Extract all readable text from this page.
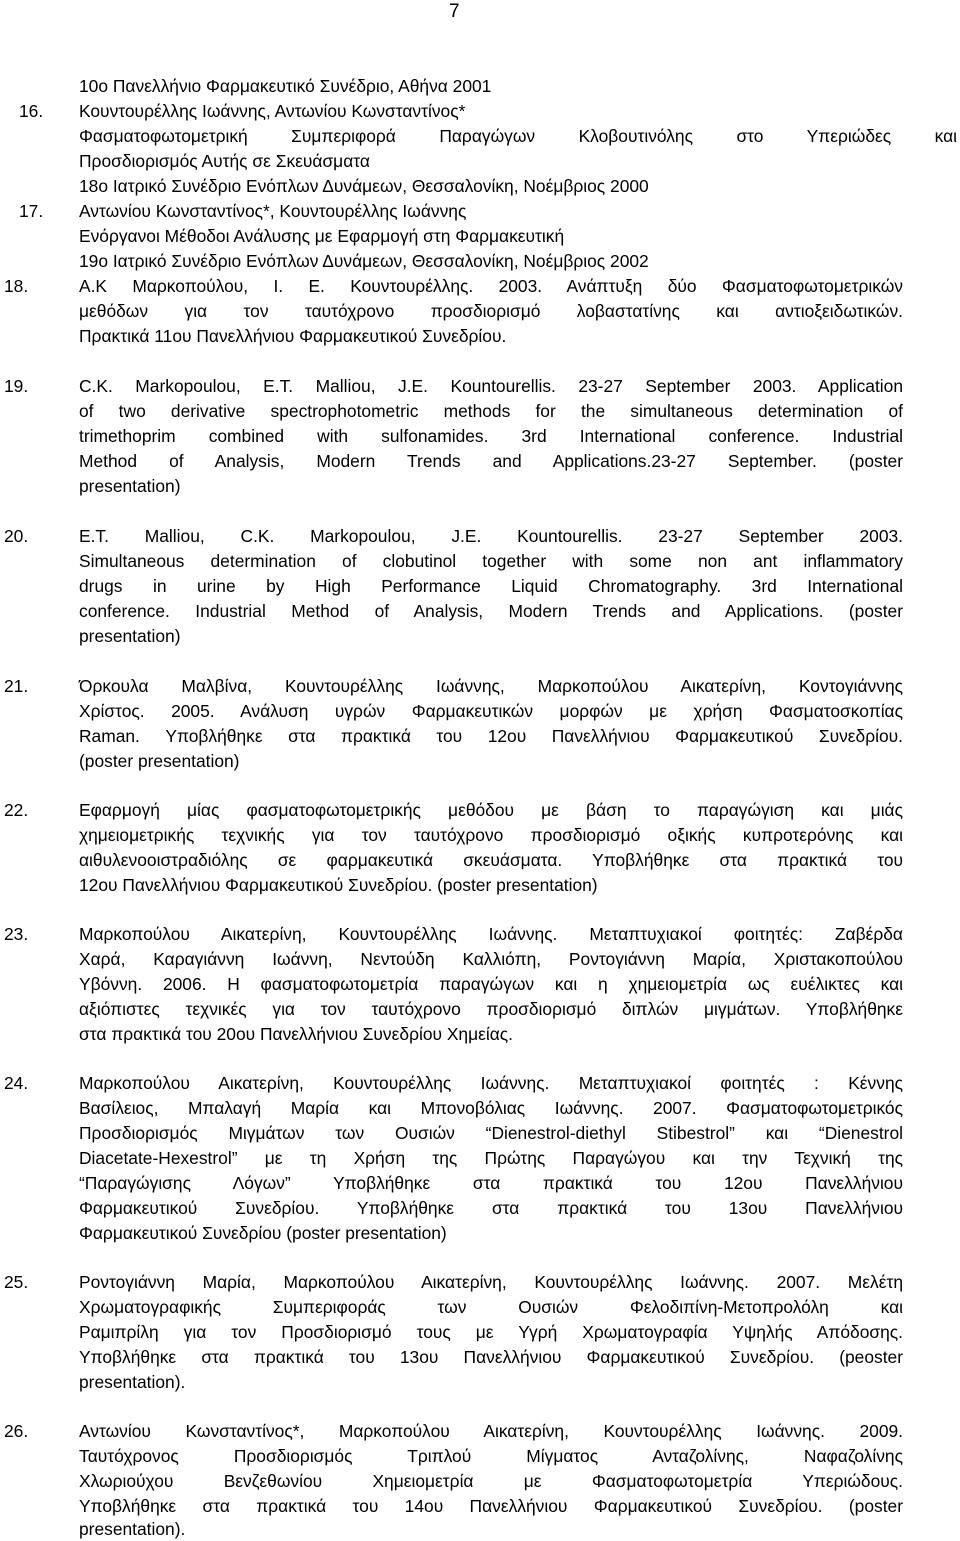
7
10ο Πανελλήνιο Φαρμακευτικό Συνέδριο, Αθήνα 2001
16. Κουντουρέλλης Ιωάννης, Αντωνίου Κωνσταντίνος*
Φασματοφωτομετρική Συμπεριφορά Παραγώγων Κλοβουτινόλης στο Υπεριώδες και
Προσδιορισμός Αυτής σε Σκευάσματα
18ο Ιατρικό Συνέδριο Ενόπλων Δυνάμεων, Θεσσαλονίκη, Νοέμβριος 2000
17. Αντωνίου Κωνσταντίνος*, Κουντουρέλλης Ιωάννης
Ενόργανοι Μέθοδοι Ανάλυσης με Εφαρμογή στη Φαρμακευτική
19ο Ιατρικό Συνέδριο Ενόπλων Δυνάμεων, Θεσσαλονίκη, Νοέμβριος 2002
18.	Α.Κ Μαρκοπούλου, Ι. Ε. Κουντουρέλλης. 2003. Ανάπτυξη δύο Φασματοφωτομετρικών
μεθόδων για τον ταυτόχρονο προσδιορισμό λοβαστατίνης και αντιοξειδωτικών.
Πρακτικά 11ου Πανελλήνιου Φαρμακευτικού Συνεδρίου.
19.	C.K. Markopoulou, E.T. Malliou, J.E. Kountourellis. 23-27 September 2003. Application
of two derivative spectrophotometric methods for the simultaneous determination of
trimethoprim combined with sulfonamides. 3rd International conference. Industrial
Method of Analysis, Modern Trends and Applications.23-27 September. (poster
presentation)
20.	E.T. Malliou, C.K. Markopoulou, J.E. Kountourellis. 23-27 September 2003.
Simultaneous determination of clobutinol together with some non ant inflammatory
drugs in urine by High Performance Liquid Chromatography. 3rd International
conference. Industrial Method of Analysis, Modern Trends and Applications. (poster
presentation)
21.	Όρκουλα Μαλβίνα, Κουντουρέλλης Ιωάννης, Μαρκοπούλου Αικατερίνη, Κοντογιάννης
Χρίστος. 2005. Ανάλυση υγρών Φαρμακευτικών μορφών με χρήση Φασματοσκοπίας
Raman. Υποβλήθηκε στα πρακτικά του 12ου Πανελλήνιου Φαρμακευτικού Συνεδρίου.
(poster presentation)
22.	Εφαρμογή μίας φασματοφωτομετρικής μεθόδου με βάση το παραγώγιση και μιάς
χημειομετρικής τεχνικής για τον ταυτόχρονο προσδιορισμό οξικής κυπροτερόνης και
αιθυλενοοιστραδιόλης σε φαρμακευτικά σκευάσματα. Υποβλήθηκε στα πρακτικά του
12ου Πανελλήνιου Φαρμακευτικού Συνεδρίου. (poster presentation)
23.	Μαρκοπούλου Αικατερίνη, Κουντουρέλλης Ιωάννης. Μεταπτυχιακοί φοιτητές: Ζαβέρδα
Χαρά, Καραγιάννη Ιωάννη, Νεντούδη Καλλιόπη, Ροντογιάννη Μαρία, Χριστακοπούλου
Υβόννη. 2006. Η φασματοφωτομετρία παραγώγων και η χημειομετρία ως ευέλικτες και
αξιόπιστες τεχνικές για τον ταυτόχρονο προσδιορισμό διπλών μιγμάτων. Υποβλήθηκε
στα πρακτικά του 20ου Πανελλήνιου Συνεδρίου Χημείας.
24.	Μαρκοπούλου Αικατερίνη, Κουντουρέλλης Ιωάννης. Μεταπτυχιακοί φοιτητές : Κέννης
Βασίλειος, Μπαλαγή Μαρία και Μπονοβόλιας Ιωάννης. 2007. Φασματοφωτομετρικός
Προσδιορισμός Μιγμάτων των Ουσιών “Dienestrol-diethyl Stibestrol” και “Dienestrol
Diacetate-Hexestrol” με τη Χρήση της Πρώτης Παραγώγου και την Τεχνική της
“Παραγώγισης Λόγων” Υποβλήθηκε στα πρακτικά του 12ου Πανελλήνιου
Φαρμακευτικού Συνεδρίου. Υποβλήθηκε στα πρακτικά του 13ου Πανελλήνιου
Φαρμακευτικού Συνεδρίου (poster presentation)
25.	Ροντογιάννη Μαρία, Μαρκοπούλου Αικατερίνη, Κουντουρέλλης Ιωάννης. 2007. Μελέτη
Χρωματογραφικής Συμπεριφοράς των Ουσιών Φελοδιπίνη-Μετοπρολόλη και
Ραμιπρίλη για τον Προσδιορισμό τους με Υγρή Χρωματογραφία Υψηλής Απόδοσης.
Υποβλήθηκε στα πρακτικά του 13ου Πανελλήνιου Φαρμακευτικού Συνεδρίου. (peoster
presentation).
26.	Αντωνίου Κωνσταντίνος*, Μαρκοπούλου Αικατερίνη, Κουντουρέλλης Ιωάννης. 2009.
Ταυτόχρονος Προσδιορισμός Τριπλού Μίγματος Ανταζολίνης, Ναφαζολίνης
Χλωριούχου Βενζεθωνίου Χημειομετρία με Φασματοφωτομετρία Υπεριώδους.
Υποβλήθηκε στα πρακτικά του 14ου Πανελλήνιου Φαρμακευτικού Συνεδρίου. (poster
presentation).
